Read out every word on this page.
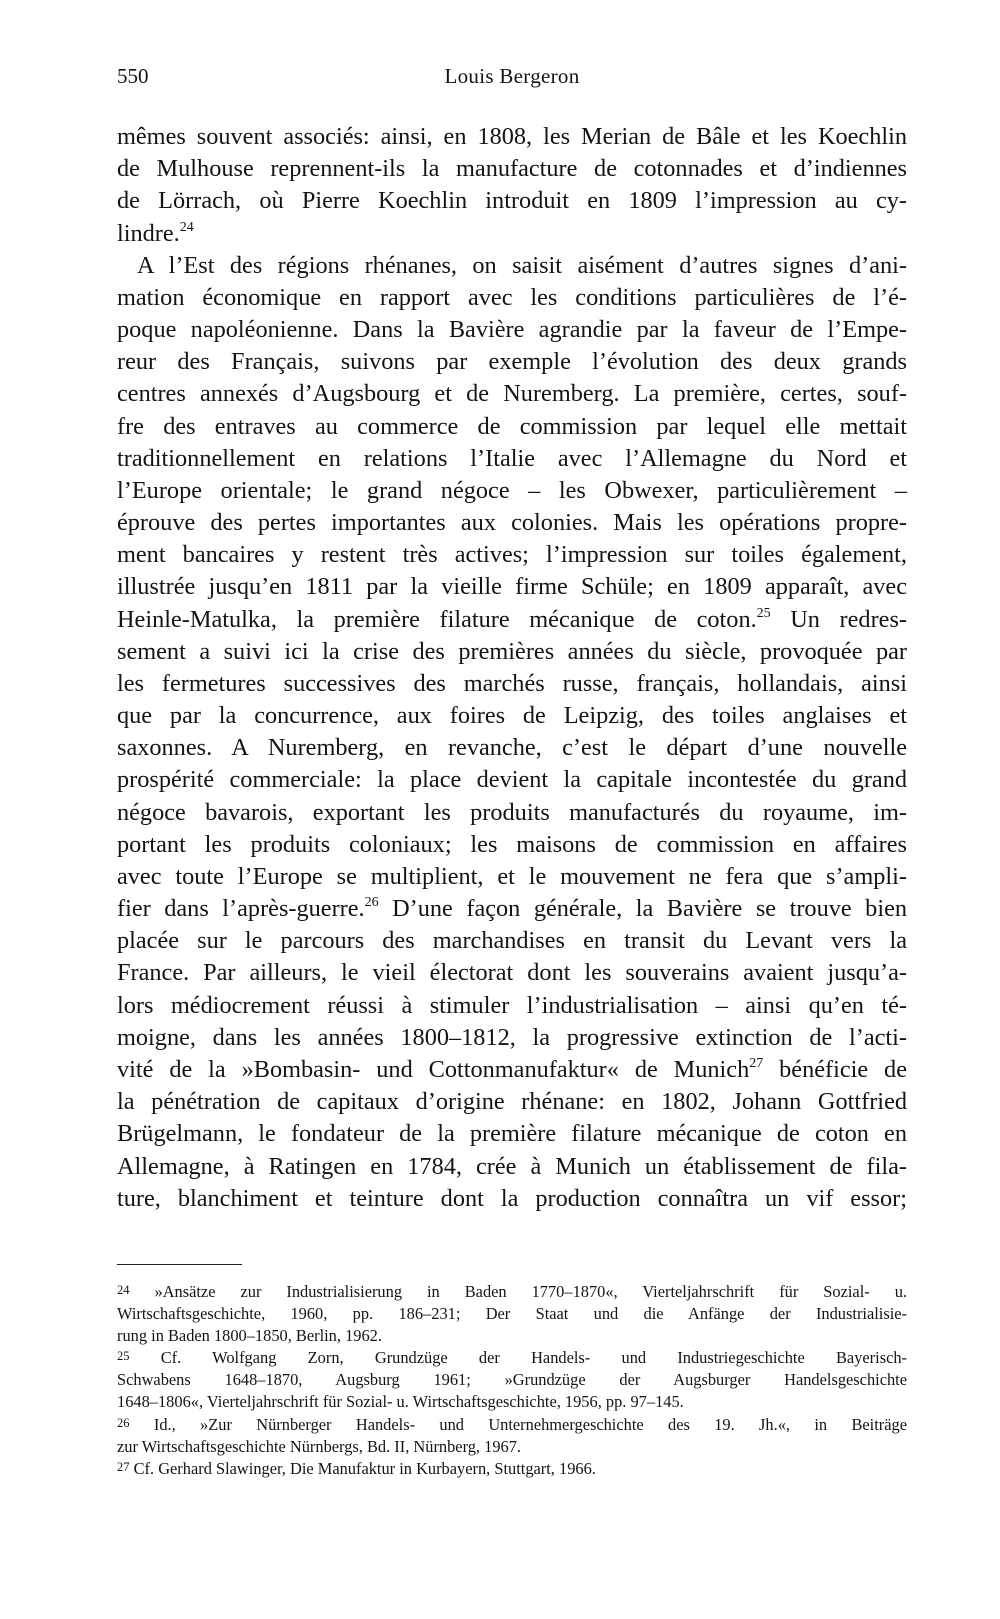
550	Louis Bergeron
mêmes souvent associés: ainsi, en 1808, les Merian de Bâle et les Koechlin
de Mulhouse reprennent-ils la manufacture de cotonnades et d’indiennes
de Lörrach, où Pierre Koechlin introduit en 1809 l’impression au cy-
lindre.$^{24}$
A l’Est des régions rhénanes, on saisit aisément d’autres signes d’ani-
mation économique en rapport avec les conditions particulières de l’é-
poque napoléonienne. Dans la Bavière agrandie par la faveur de l’Empe-
reur des Français, suivons par exemple l’évolution des deux grands
centres annexés d’Augsbourg et de Nuremberg. La première, certes, souf-
fre des entraves au commerce de commission par lequel elle mettait
traditionnellement en relations l’Italie avec l’Allemagne du Nord et
l’Europe orientale; le grand négoce – les Obwexer, particulièrement –
éprouve des pertes importantes aux colonies. Mais les opérations propre-
ment bancaires y restent très actives; l’impression sur toiles également,
illustrée jusqu’en 1811 par la vieille firme Schüle; en 1809 apparaît, avec
Heinle-Matulka, la première filature mécanique de coton.$^{25}$ Un redres-
sement a suivi ici la crise des premières années du siècle, provoquée par
les fermetures successives des marchés russe, français, hollandais, ainsi
que par la concurrence, aux foires de Leipzig, des toiles anglaises et
saxonnes. A Nuremberg, en revanche, c’est le départ d’une nouvelle
prospérité commerciale: la place devient la capitale incontestée du grand
négoce bavarois, exportant les produits manufacturés du royaume, im-
portant les produits coloniaux; les maisons de commission en affaires
avec toute l’Europe se multiplient, et le mouvement ne fera que s’ampli-
fier dans l’après-guerre.$^{26}$ D’une façon générale, la Bavière se trouve bien
placée sur le parcours des marchandises en transit du Levant vers la
France. Par ailleurs, le vieil électorat dont les souverains avaient jusqu’a-
lors médiocrement réussi à stimuler l’industrialisation – ainsi qu’en té-
moigne, dans les années 1800–1812, la progressive extinction de l’acti-
vité de la »Bombasin- und Cottonmanufaktur« de Munich$^{27}$ bénéficie de
la pénétration de capitaux d’origine rhénane: en 1802, Johann Gottfried
Brügelmann, le fondateur de la première filature mécanique de coton en
Allemagne, à Ratingen en 1784, crée à Munich un établissement de fila-
ture, blanchiment et teinture dont la production connaîtra un vif essor;
24 »Ansätze zur Industrialisierung in Baden 1770–1870«, Vierteljahrschrift für Sozial- u.
Wirtschaftsgeschichte, 1960, pp. 186–231; Der Staat und die Anfänge der Industrialisie-
rung in Baden 1800–1850, Berlin, 1962.
25 Cf. Wolfgang Zorn, Grundzüge der Handels- und Industriegeschichte Bayerisch-
Schwabens 1648–1870, Augsburg 1961; »Grundzüge der Augsburger Handelsgeschichte
1648–1806«, Vierteljahrschrift für Sozial- u. Wirtschaftsgeschichte, 1956, pp. 97–145.
26 Id., »Zur Nürnberger Handels- und Unternehmergeschichte des 19. Jh.«, in Beiträge
zur Wirtschaftsgeschichte Nürnbergs, Bd. II, Nürnberg, 1967.
27 Cf. Gerhard Slawinger, Die Manufaktur in Kurbayern, Stuttgart, 1966.
